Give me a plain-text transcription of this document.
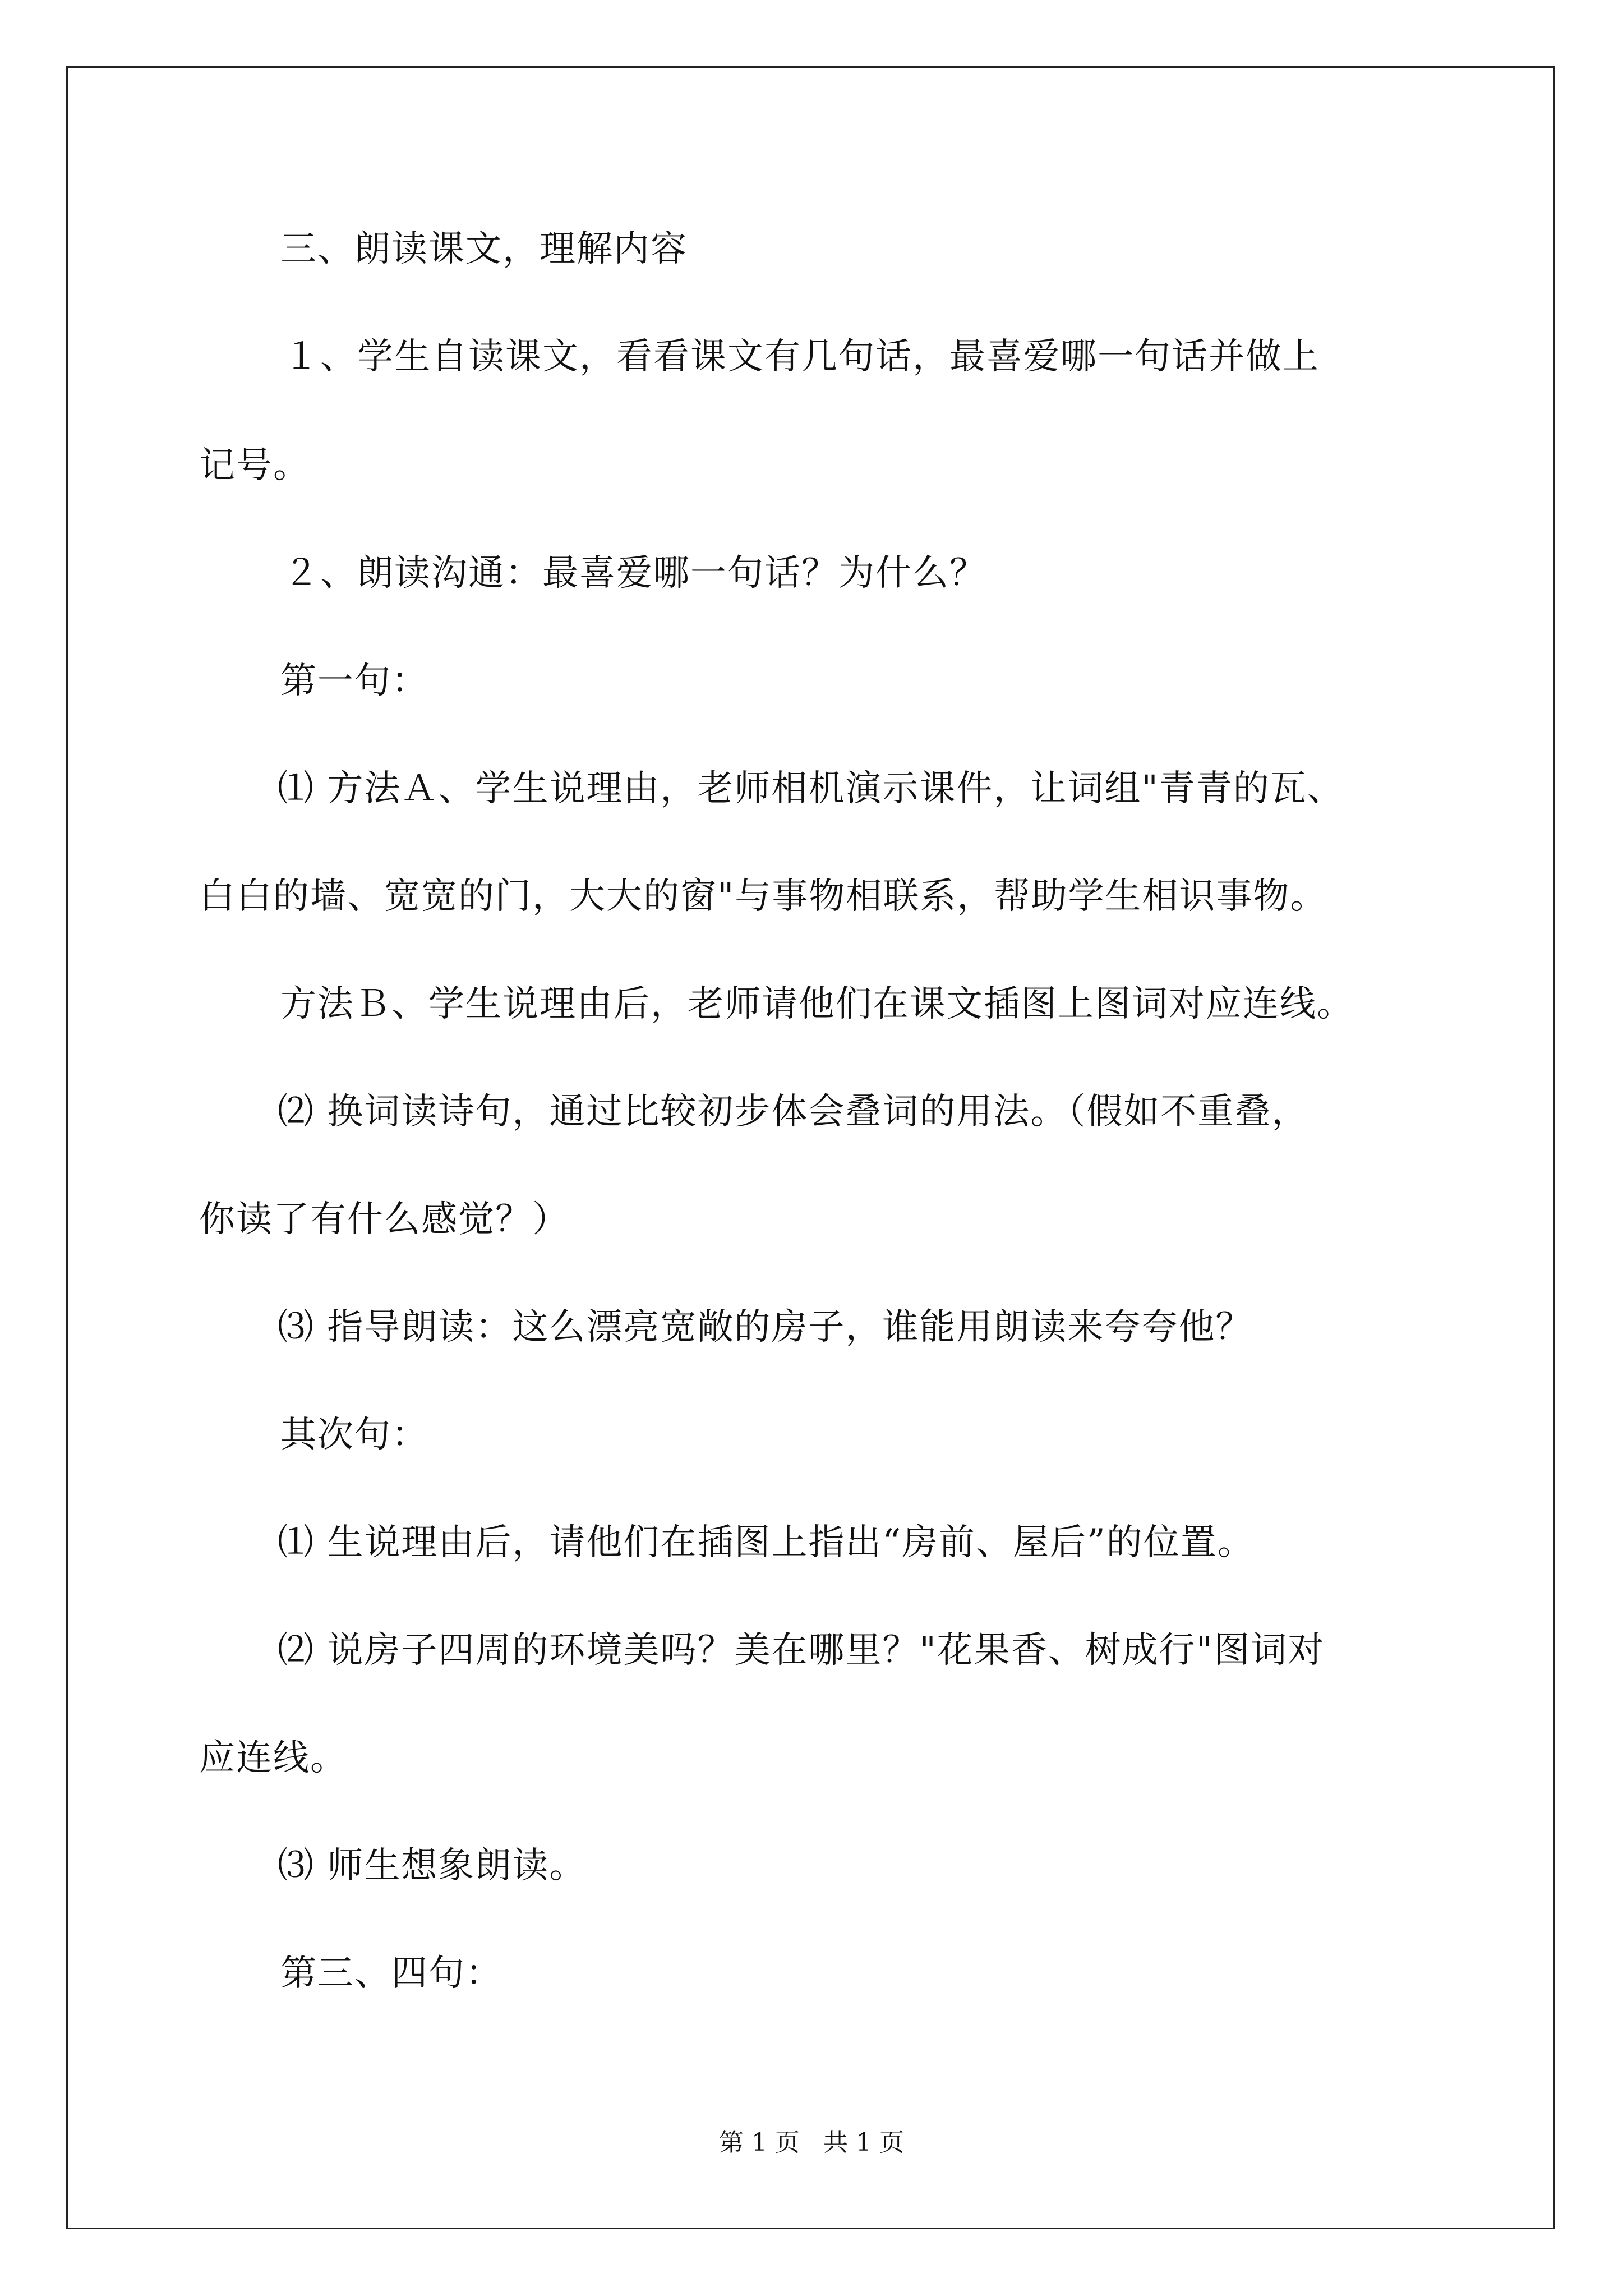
三、朗读课文，理解内容
１、学生自读课文，看看课文有几句话，最喜爱哪一句话并做上
记号。
２、朗读沟通：最喜爱哪一句话？为什么？
第一句：
⑴ 方法Ａ、学生说理由，老师相机演示课件，让词组"青青的瓦、
白白的墙、宽宽的门，大大的窗"与事物相联系，帮助学生相识事物。
方法Ｂ、学生说理由后，老师请他们在课文插图上图词对应连线。
⑵ 换词读诗句，通过比较初步体会叠词的用法。（假如不重叠，
你读了有什么感觉？）
⑶ 指导朗读：这么漂亮宽敞的房子，谁能用朗读来夸夸他？
其次句：
⑴ 生说理由后，请他们在插图上指出“房前、屋后”的位置。
⑵ 说房子四周的环境美吗？美在哪里？"花果香、树成行"图词对
应连线。
⑶ 师生想象朗读。
第三、四句：
第 1 页   共 1 页
